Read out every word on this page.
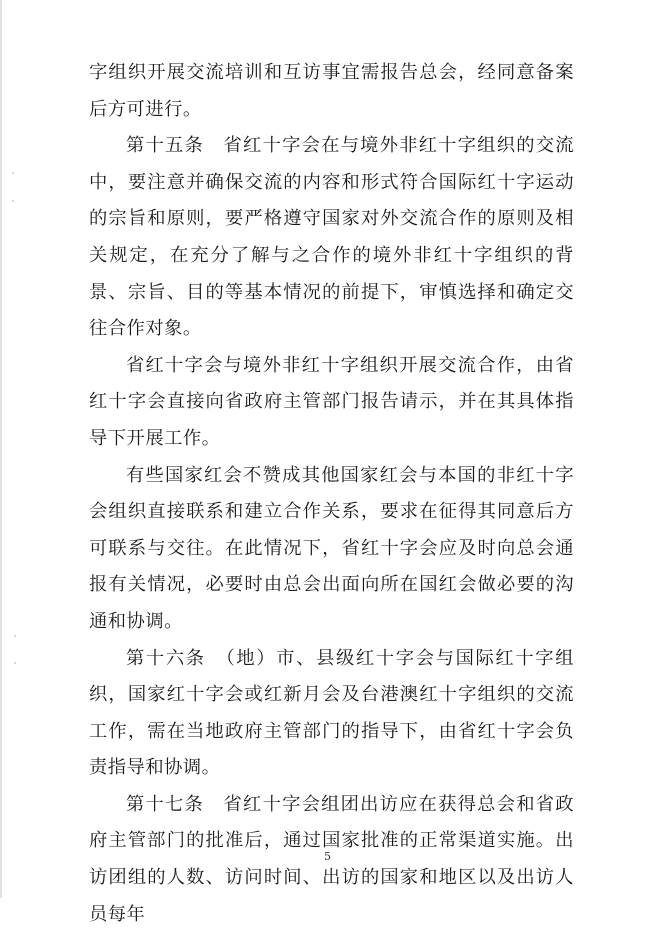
字组织开展交流培训和互访事宜需报告总会，经同意备案后方可进行。

第十五条　省红十字会在与境外非红十字组织的交流中，要注意并确保交流的内容和形式符合国际红十字运动的宗旨和原则，要严格遵守国家对外交流合作的原则及相关规定，在充分了解与之合作的境外非红十字组织的背景、宗旨、目的等基本情况的前提下，审慎选择和确定交往合作对象。

省红十字会与境外非红十字组织开展交流合作，由省红十字会直接向省政府主管部门报告请示，并在其具体指导下开展工作。

有些国家红会不赞成其他国家红会与本国的非红十字会组织直接联系和建立合作关系，要求在征得其同意后方可联系与交往。在此情况下，省红十字会应及时向总会通报有关情况，必要时由总会出面向所在国红会做必要的沟通和协调。

第十六条　（地）市、县级红十字会与国际红十字组织，国家红十字会或红新月会及台港澳红十字组织的交流工作，需在当地政府主管部门的指导下，由省红十字会负责指导和协调。

第十七条　省红十字会组团出访应在获得总会和省政府主管部门的批准后，通过国家批准的正常渠道实施。出访团组的人数、访问时间、出访的国家和地区以及出访人员每年

5
